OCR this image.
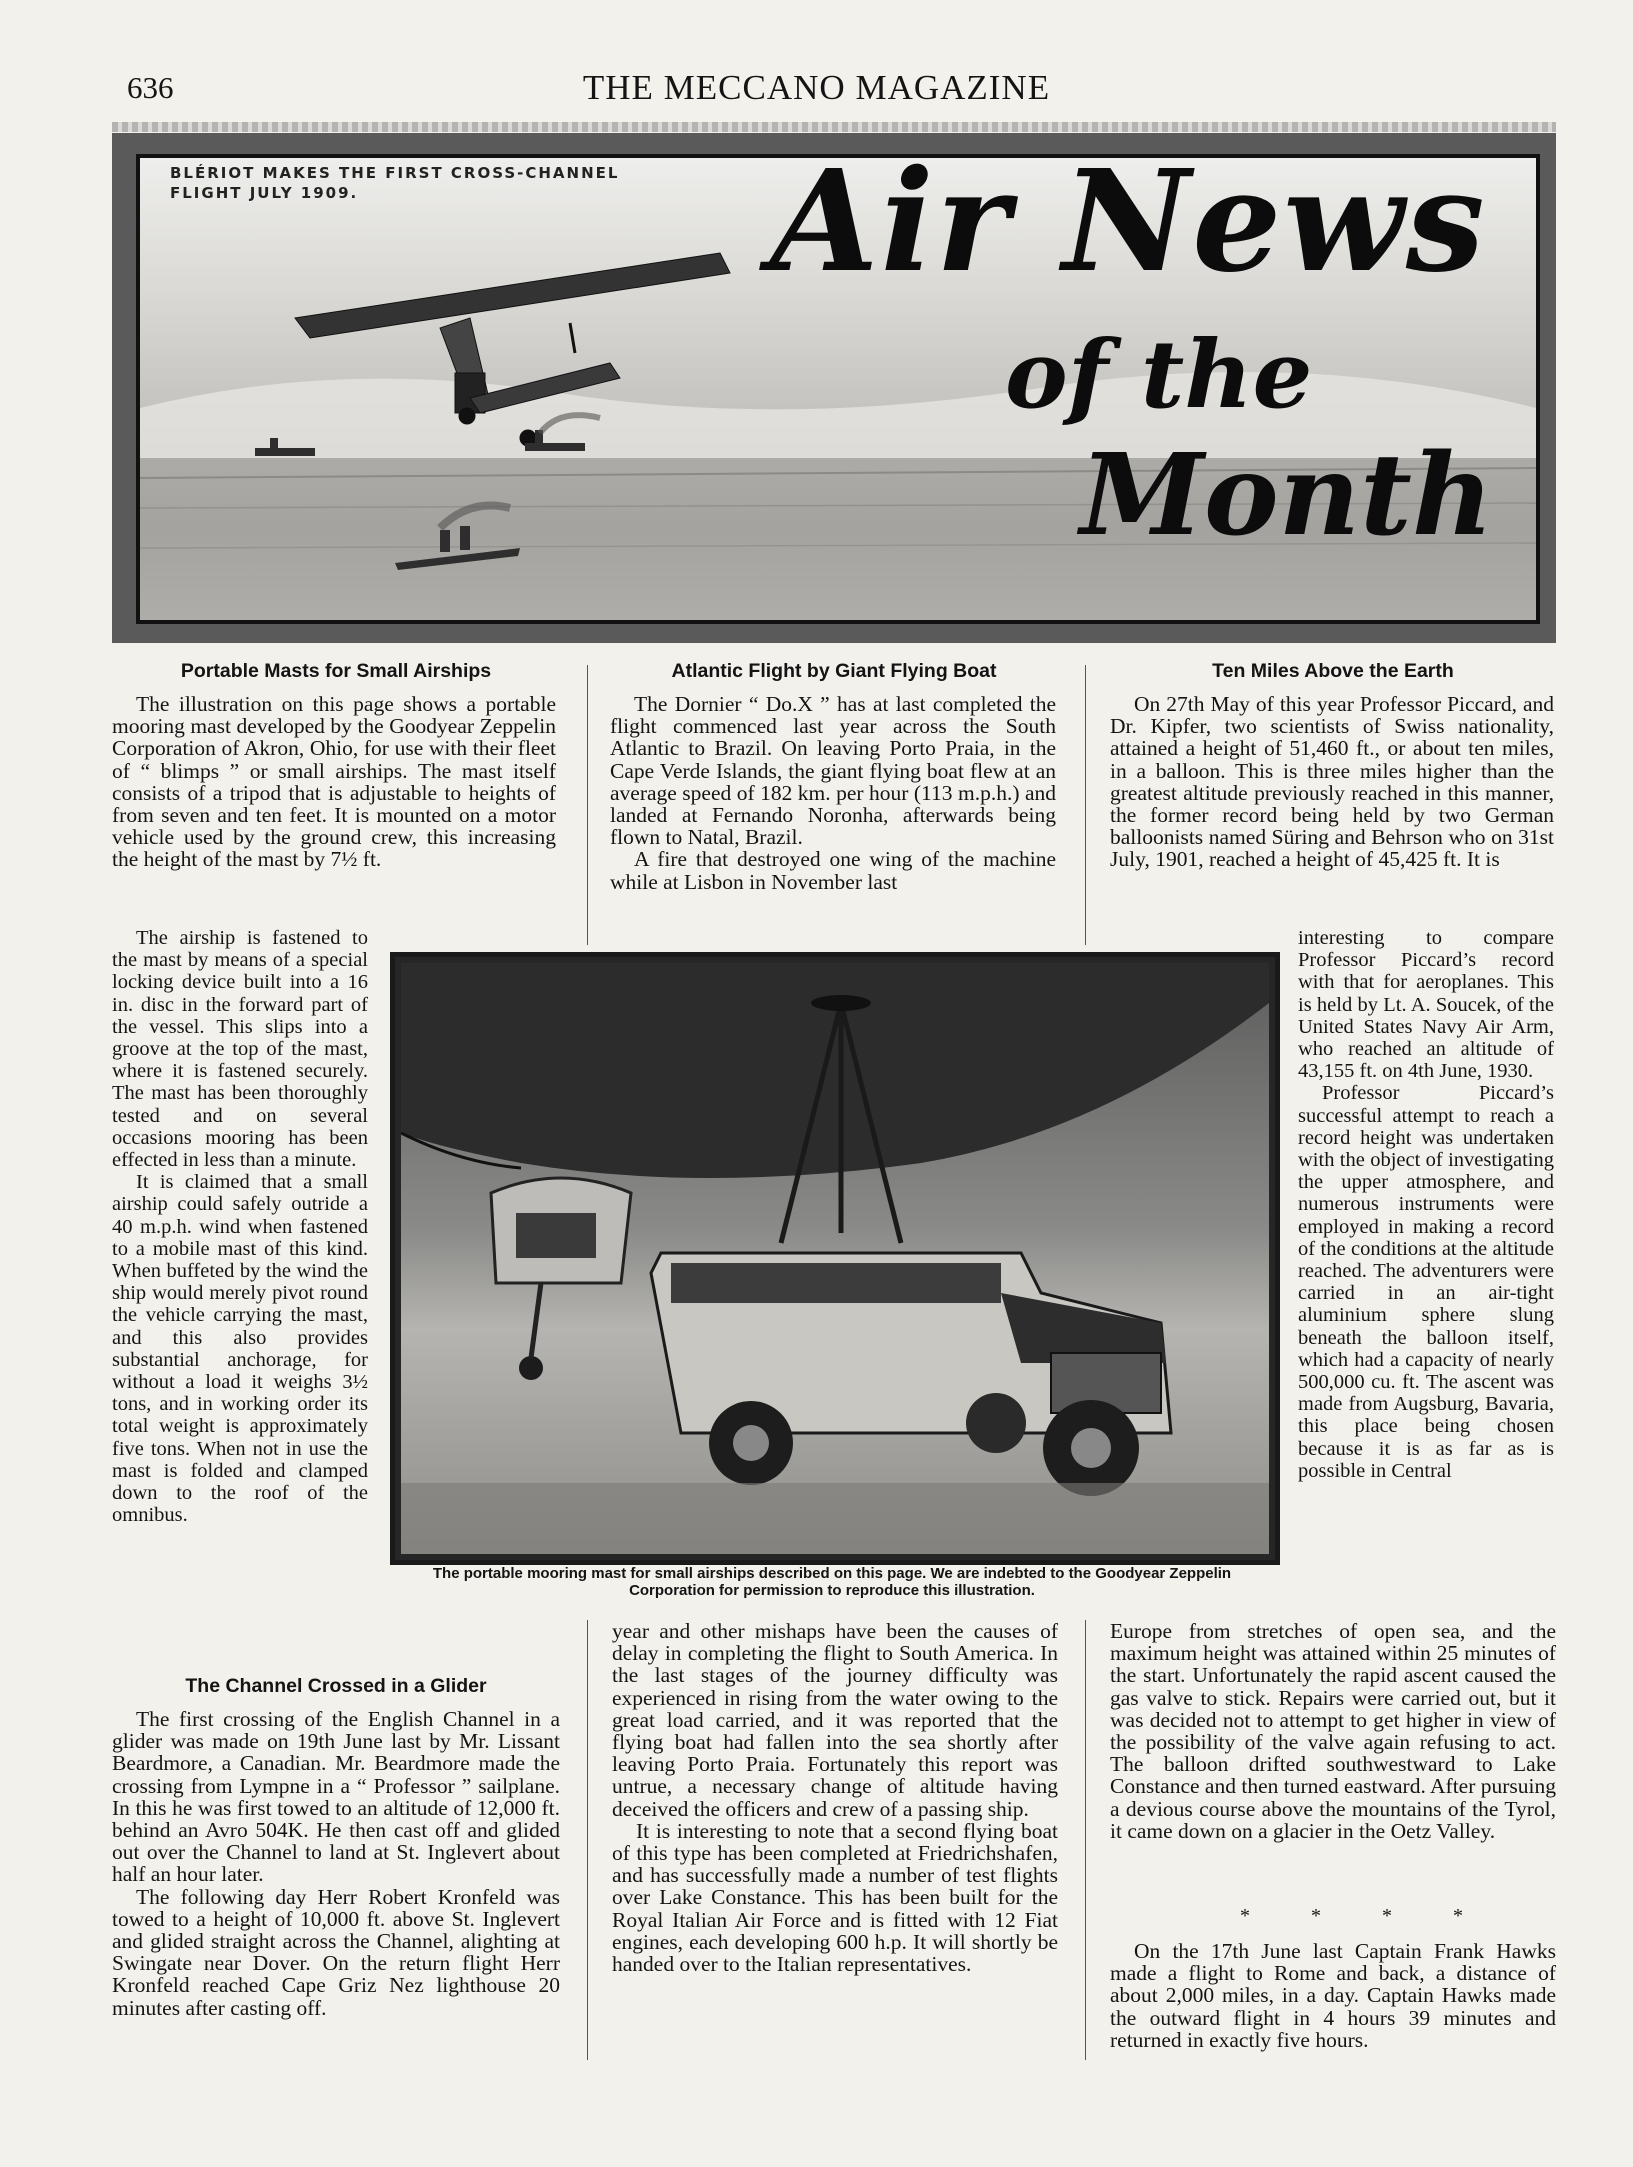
636	THE MECCANO MAGAZINE
BLÉRIOT MAKES THE FIRST CROSS-CHANNEL
FLIGHT JULY 1909.	Air News
of the
Month
Portable Masts for Small Airships

The illustration on this page shows a portable mooring mast developed by the Goodyear Zeppelin Corporation of Akron, Ohio, for use with their fleet of “ blimps ” or small airships. The mast itself consists of a tripod that is adjustable to heights of from seven and ten feet. It is mounted on a motor vehicle used by the ground crew, this increasing the height of the mast by 7½ ft.

The airship is fastened to the mast by means of a special locking device built into a 16 in. disc in the forward part of the vessel. This slips into a groove at the top of the mast, where it is fastened securely. The mast has been thoroughly tested and on several occasions mooring has been effected in less than a minute.

It is claimed that a small airship could safely outride a 40 m.p.h. wind when fastened to a mobile mast of this kind. When buffeted by the wind the ship would merely pivot round the vehicle carrying the mast, and this also provides substantial anchorage, for without a load it weighs 3½ tons, and in working order its total weight is approximately five tons. When not in use the mast is folded and clamped down to the roof of the omnibus.

The Channel Crossed in a Glider

The first crossing of the English Channel in a glider was made on 19th June last by Mr. Lissant Beardmore, a Canadian. Mr. Beardmore made the crossing from Lympne in a “ Professor ” sailplane. In this he was first towed to an altitude of 12,000 ft. behind an Avro 504K. He then cast off and glided out over the Channel to land at St. Inglevert about half an hour later.

The following day Herr Robert Kronfeld was towed to a height of 10,000 ft. above St. Inglevert and glided straight across the Channel, alighting at Swingate near Dover. On the return flight Herr Kronfeld reached Cape Griz Nez lighthouse 20 minutes after casting off.

Atlantic Flight by Giant Flying Boat

The Dornier “ Do.X ” has at last completed the flight commenced last year across the South Atlantic to Brazil. On leaving Porto Praia, in the Cape Verde Islands, the giant flying boat flew at an average speed of 182 km. per hour (113 m.p.h.) and landed at Fernando Noronha, afterwards being flown to Natal, Brazil.

A fire that destroyed one wing of the machine while at Lisbon in November last

year and other mishaps have been the causes of delay in completing the flight to South America. In the last stages of the journey difficulty was experienced in rising from the water owing to the great load carried, and it was reported that the flying boat had fallen into the sea shortly after leaving Porto Praia. Fortunately this report was untrue, a necessary change of altitude having deceived the officers and crew of a passing ship.

It is interesting to note that a second flying boat of this type has been completed at Friedrichshafen, and has successfully made a number of test flights over Lake Constance. This has been built for the Royal Italian Air Force and is fitted with 12 Fiat engines, each developing 600 h.p. It will shortly be handed over to the Italian representatives.

Ten Miles Above the Earth

On 27th May of this year Professor Piccard, and Dr. Kipfer, two scientists of Swiss nationality, attained a height of 51,460 ft., or about ten miles, in a balloon. This is three miles higher than the greatest altitude previously reached in this manner, the former record being held by two German balloonists named Süring and Behrson who on 31st July, 1901, reached a height of 45,425 ft. It is

interesting to compare Professor Piccard’s record with that for aeroplanes. This is held by Lt. A. Soucek, of the United States Navy Air Arm, who reached an altitude of 43,155 ft. on 4th June, 1930.

Professor Piccard’s successful attempt to reach a record height was undertaken with the object of investigating the upper atmosphere, and numerous instruments were employed in making a record of the conditions at the altitude reached. The adventurers were carried in an air-tight aluminium sphere slung beneath the balloon itself, which had a capacity of nearly 500,000 cu. ft. The ascent was made from Augsburg, Bavaria, this place being chosen because it is as far as is possible in Central

Europe from stretches of open sea, and the maximum height was attained within 25 minutes of the start. Unfortunately the rapid ascent caused the gas valve to stick. Repairs were carried out, but it was decided not to attempt to get higher in view of the possibility of the valve again refusing to act. The balloon drifted southwestward to Lake Constance and then turned eastward. After pursuing a devious course above the mountains of the Tyrol, it came down on a glacier in the Oetz Valley.

* * * *

On the 17th June last Captain Frank Hawks made a flight to Rome and back, a distance of about 2,000 miles, in a day. Captain Hawks made the outward flight in 4 hours 39 minutes and returned in exactly five hours.

The portable mooring mast for small airships described on this page. We are indebted to the Goodyear Zeppelin Corporation for permission to reproduce this illustration.
